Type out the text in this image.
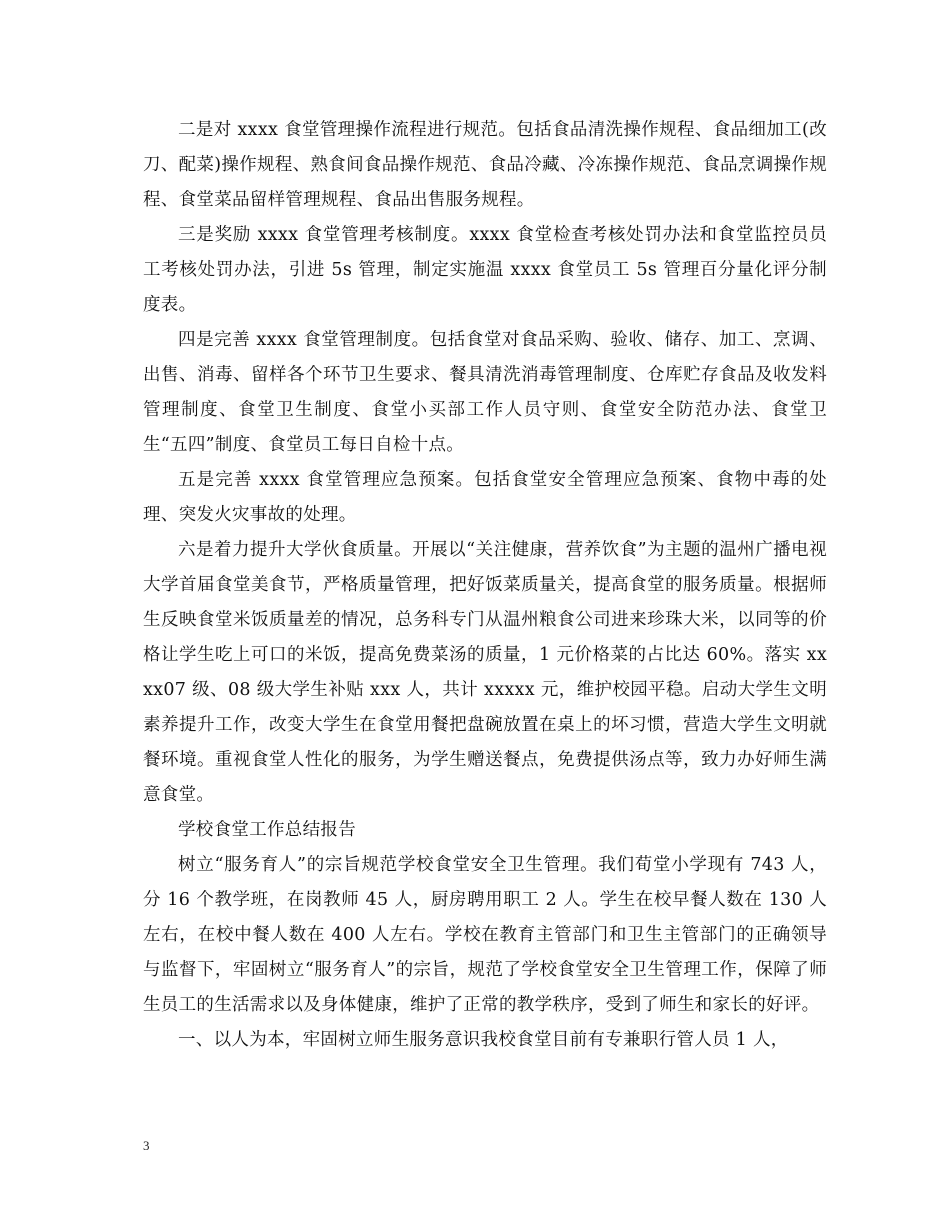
二是对 xxxx 食堂管理操作流程进行规范。包括食品清洗操作规程、食品细加工(改刀、配菜)操作规程、熟食间食品操作规范、食品冷藏、冷冻操作规范、食品烹调操作规程、食堂菜品留样管理规程、食品出售服务规程。

三是奖励 xxxx 食堂管理考核制度。xxxx 食堂检查考核处罚办法和食堂监控员员工考核处罚办法，引进 5s 管理，制定实施温 xxxx 食堂员工 5s 管理百分量化评分制度表。

四是完善 xxxx 食堂管理制度。包括食堂对食品采购、验收、储存、加工、烹调、出售、消毒、留样各个环节卫生要求、餐具清洗消毒管理制度、仓库贮存食品及收发料管理制度、食堂卫生制度、食堂小买部工作人员守则、食堂安全防范办法、食堂卫生“五四”制度、食堂员工每日自检十点。

五是完善 xxxx 食堂管理应急预案。包括食堂安全管理应急预案、食物中毒的处理、突发火灾事故的处理。

六是着力提升大学伙食质量。开展以“关注健康，营养饮食”为主题的温州广播电视大学首届食堂美食节，严格质量管理，把好饭菜质量关，提高食堂的服务质量。根据师生反映食堂米饭质量差的情况，总务科专门从温州粮食公司进来珍珠大米，以同等的价格让学生吃上可口的米饭，提高免费菜汤的质量，1 元价格菜的占比达 60%。落实 xxxx07 级、08 级大学生补贴 xxx 人，共计 xxxxx 元，维护校园平稳。启动大学生文明素养提升工作，改变大学生在食堂用餐把盘碗放置在桌上的坏习惯，营造大学生文明就餐环境。重视食堂人性化的服务，为学生赠送餐点，免费提供汤点等，致力办好师生满意食堂。

学校食堂工作总结报告

树立“服务育人”的宗旨规范学校食堂安全卫生管理。我们荀堂小学现有 743 人，分 16 个教学班，在岗教师 45 人，厨房聘用职工 2 人。学生在校早餐人数在 130 人左右，在校中餐人数在 400 人左右。学校在教育主管部门和卫生主管部门的正确领导与监督下，牢固树立“服务育人”的宗旨，规范了学校食堂安全卫生管理工作，保障了师生员工的生活需求以及身体健康，维护了正常的教学秩序，受到了师生和家长的好评。

一、以人为本，牢固树立师生服务意识我校食堂目前有专兼职行管人员 1 人，

3
